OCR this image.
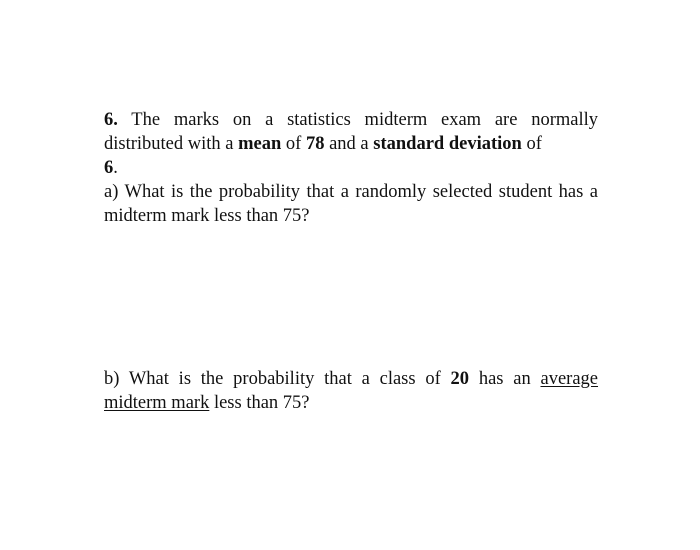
6. The marks on a statistics midterm exam are normally distributed with a mean of 78 and a standard deviation of
6.

a) What is the probability that a randomly selected student has a midterm mark less than 75?

b) What is the probability that a class of 20 has an average midterm mark less than 75?
